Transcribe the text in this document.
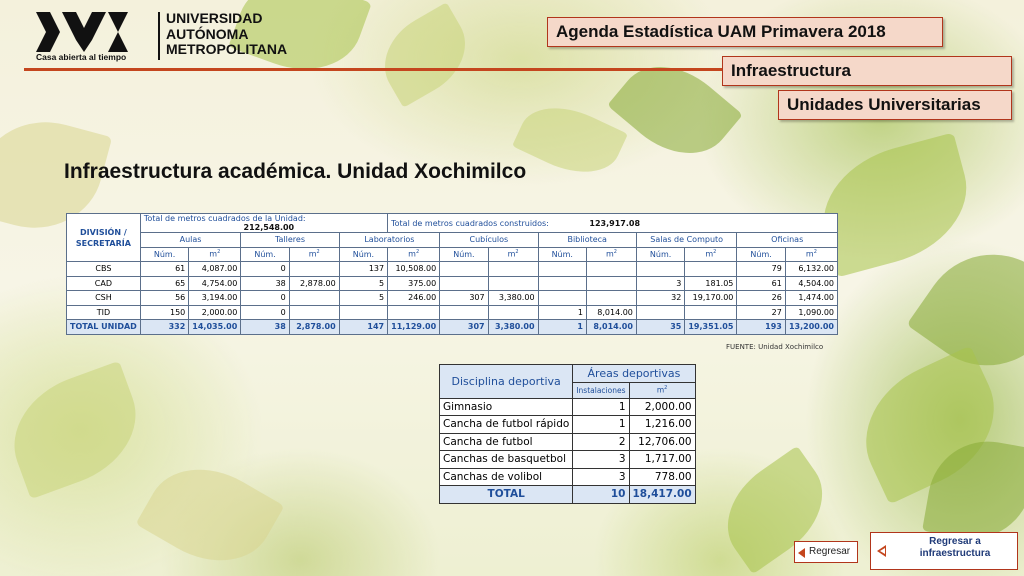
Casa abierta al tiempo
UNIVERSIDAD
AUTÓNOMA
METROPOLITANA
Agenda Estadística UAM Primavera 2018
Infraestructura
Unidades Universitarias
Infraestructura académica. Unidad Xochimilco
DIVISIÓN / SECRETARÍA	Total de metros cuadrados de la Unidad:
212,548.00					Total de metros cuadrados construidos: 123,917.08								
	Aulas		Talleres		Laboratorios		Cubículos		Biblioteca		Salas de Computo		Oficinas	
	Núm.	$m^2$	Núm.	$m^2$	Núm.	$m^2$	Núm.	$m^2$	Núm.	$m^2$	Núm.	$m^2$	Núm.	$m^2$
CBS	61	4,087.00	0		137	10,508.00							79	6,132.00
CAD	65	4,754.00	38	2,878.00	5	375.00					3	181.05	61	4,504.00
CSH	56	3,194.00	0		5	246.00	307	3,380.00			32	19,170.00	26	1,474.00
TID	150	2,000.00	0						1	8,014.00			27	1,090.00
TOTAL UNIDAD	332	14,035.00	38	2,878.00	147	11,129.00	307	3,380.00	1	8,014.00	35	19,351.05	193	13,200.00
FUENTE: Unidad Xochimilco
Disciplina deportiva	Áreas deportivas	
	Instalaciones	$m^2$
Gimnasio	1	2,000.00
Cancha de futbol rápido	1	1,216.00
Cancha de futbol	2	12,706.00
Canchas de basquetbol	3	1,717.00
Canchas de volibol	3	778.00
TOTAL	10	18,417.00
Regresar
Regresar a
infraestructura
